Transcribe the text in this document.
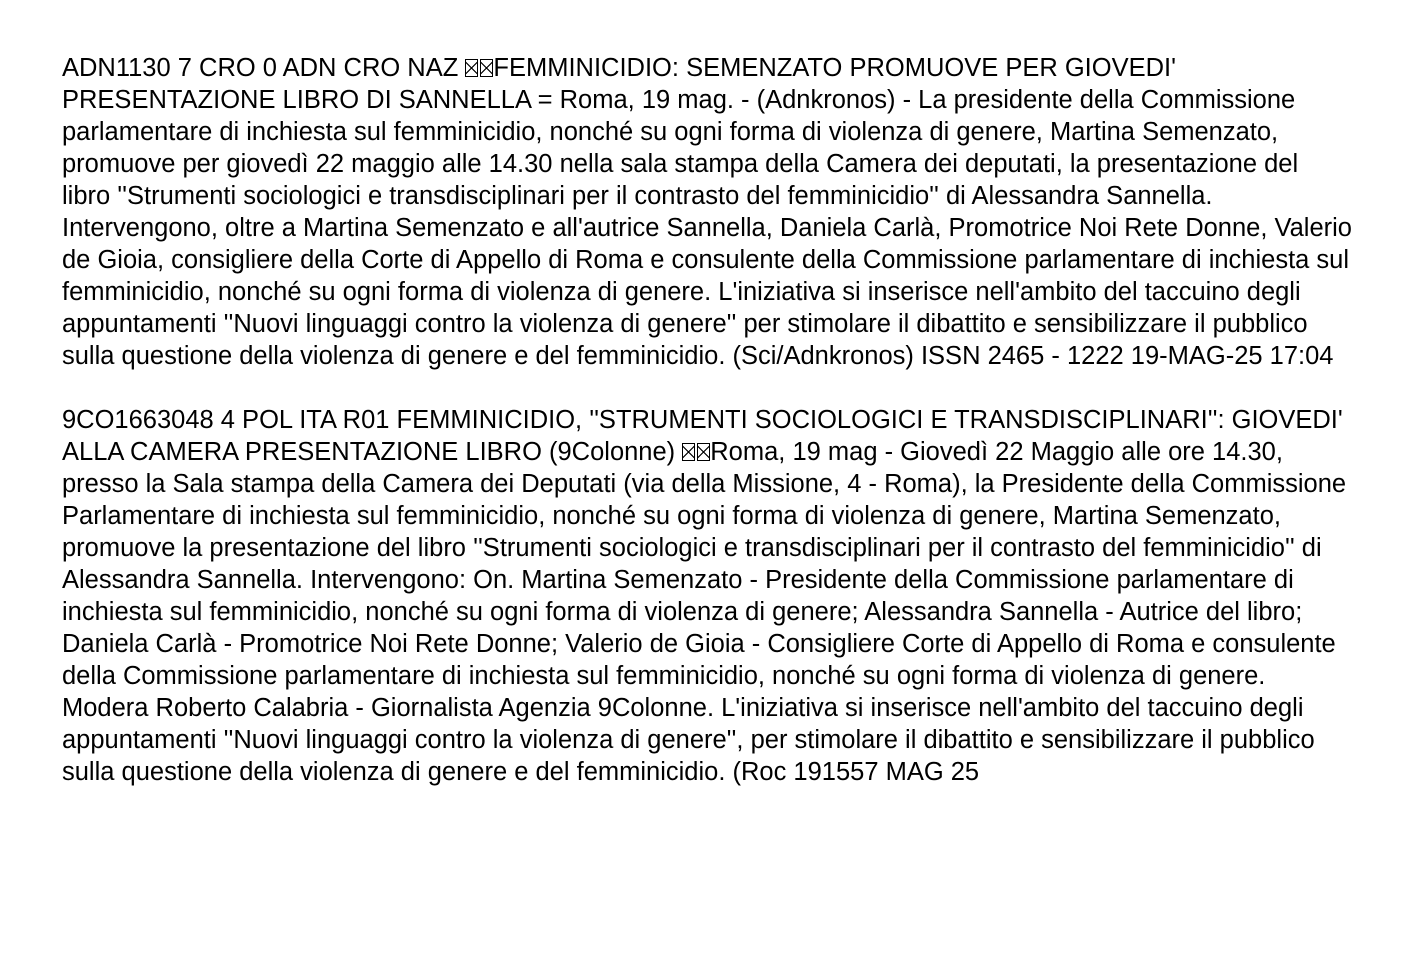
ADN1130 7 CRO 0 ADN CRO NAZ FEMMINICIDIO: SEMENZATO PROMUOVE PER GIOVEDI' PRESENTAZIONE LIBRO DI SANNELLA = Roma, 19 mag. - (Adnkronos) - La presidente della Commissione parlamentare di inchiesta sul femminicidio, nonché su ogni forma di violenza di genere, Martina Semenzato, promuove per giovedì 22 maggio alle 14.30 nella sala stampa della Camera dei deputati, la presentazione del libro ''Strumenti sociologici e transdisciplinari per il contrasto del femminicidio'' di Alessandra Sannella. Intervengono, oltre a Martina Semenzato e all'autrice Sannella, Daniela Carlà, Promotrice Noi Rete Donne, Valerio de Gioia, consigliere della Corte di Appello di Roma e consulente della Commissione parlamentare di inchiesta sul femminicidio, nonché su ogni forma di violenza di genere. L'iniziativa si inserisce nell'ambito del taccuino degli appuntamenti ''Nuovi linguaggi contro la violenza di genere'' per stimolare il dibattito e sensibilizzare il pubblico sulla questione della violenza di genere e del femminicidio. (Sci/Adnkronos) ISSN 2465 - 1222 19-MAG-25 17:04

9CO1663048 4 POL ITA R01 FEMMINICIDIO, ''STRUMENTI SOCIOLOGICI E TRANSDISCIPLINARI'': GIOVEDI' ALLA CAMERA PRESENTAZIONE LIBRO (9Colonne) Roma, 19 mag - Giovedì 22 Maggio alle ore 14.30, presso la Sala stampa della Camera dei Deputati (via della Missione, 4 - Roma), la Presidente della Commissione Parlamentare di inchiesta sul femminicidio, nonché su ogni forma di violenza di genere, Martina Semenzato, promuove la presentazione del libro ''Strumenti sociologici e transdisciplinari per il contrasto del femminicidio'' di Alessandra Sannella. Intervengono: On. Martina Semenzato - Presidente della Commissione parlamentare di inchiesta sul femminicidio, nonché su ogni forma di violenza di genere; Alessandra Sannella - Autrice del libro; Daniela Carlà - Promotrice Noi Rete Donne; Valerio de Gioia - Consigliere Corte di Appello di Roma e consulente della Commissione parlamentare di inchiesta sul femminicidio, nonché su ogni forma di violenza di genere. Modera Roberto Calabria - Giornalista Agenzia 9Colonne. L'iniziativa si inserisce nell'ambito del taccuino degli appuntamenti ''Nuovi linguaggi contro la violenza di genere'', per stimolare il dibattito e sensibilizzare il pubblico sulla questione della violenza di genere e del femminicidio. (Roc 191557 MAG 25
